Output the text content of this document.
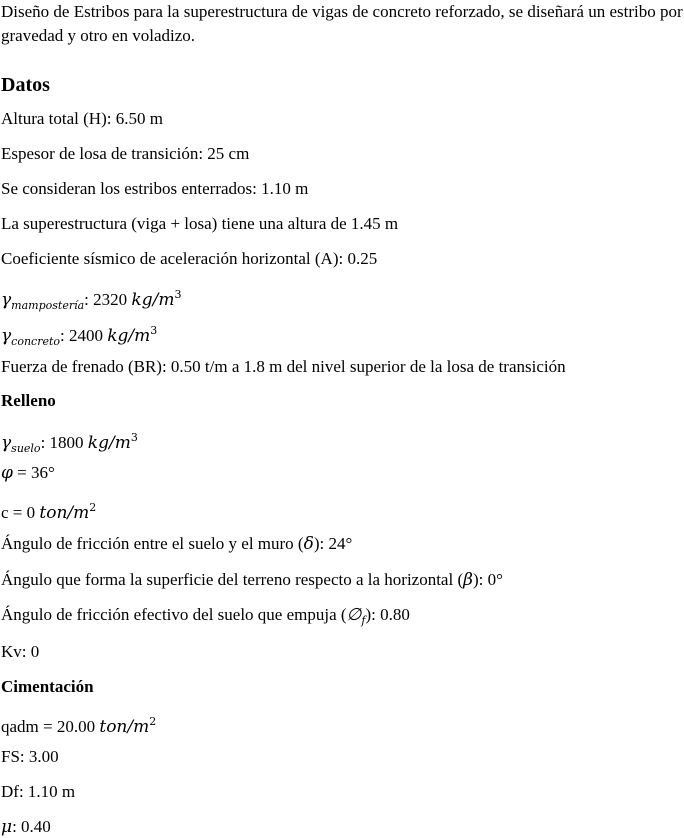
Diseño de Estribos para la superestructura de vigas de concreto reforzado, se diseñará un estribo por gravedad y otro en voladizo.

Datos
Altura total (H): 6.50 m
Espesor de losa de transición: 25 cm
Se consideran los estribos enterrados: 1.10 m
La superestructura (viga + losa) tiene una altura de 1.45 m
Coeficiente sísmico de aceleración horizontal (A): 0.25
$\gamma_{mampostería}$: 2320 $kg/m^3$
$\gamma_{concreto}$: 2400 $kg/m^3$
Fuerza de frenado (BR): 0.50 t/m a 1.8 m del nivel superior de la losa de transición
Relleno
$\gamma_{suelo}$: 1800 $kg/m^3$
φ = 36°
c = 0 ton/$m^2$
Ángulo de fricción entre el suelo y el muro (δ): 24°
Ángulo que forma la superficie del terreno respecto a la horizontal (β): 0°
Ángulo de fricción efectivo del suelo que empuja $(\emptyset_f)$: 0.80
Kv: 0
Cimentación
qadm = 20.00 ton/$m^2$
FS: 3.00
Df: 1.10 m
μ: 0.40
